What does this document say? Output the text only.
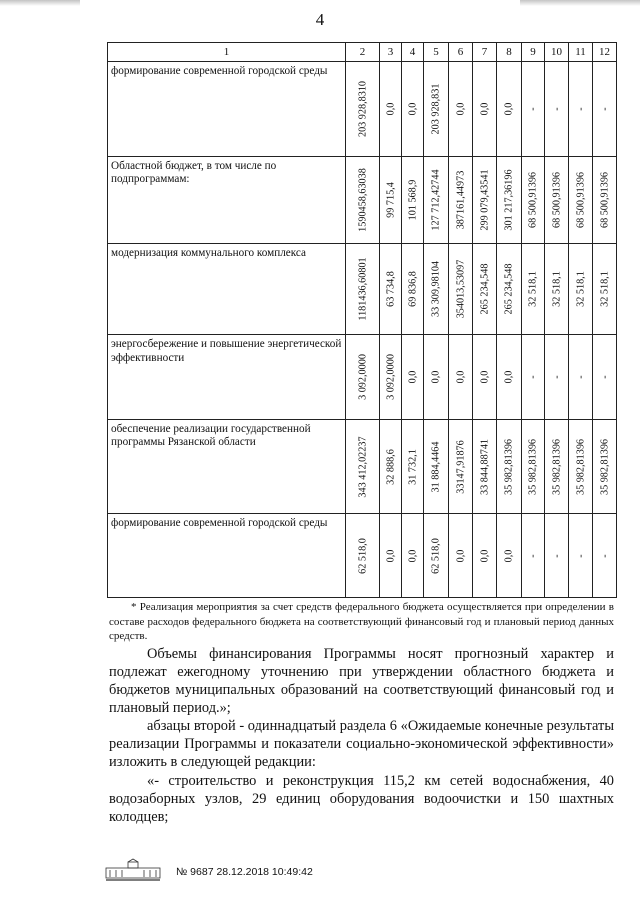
4
1	2	3	4	5	6	7	8	9	10	11	12
формирование современной городской среды	203 928,8310	0,0	0,0	203 928,831	0,0	0,0	0,0	-	-	-	-

Областной бюджет, в том числе по подпрограммам:	1590458,63038	99 715,4	101 568,9	127 712,42744	387161,44973	299 079,43541	301 217,36196	68 500,91396	68 500,91396	68 500,91396	68 500,91396

модернизация коммунального комплекса	1181436,60801	63 734,8	69 836,8	33 309,98104	354013,53097	265 234,548	265 234,548	32 518,1	32 518,1	32 518,1	32 518,1

энергосбережение и повышение энергетической эффективности	3 092,0000	3 092,0000	0,0	0,0	0,0	0,0	0,0	-	-	-	-

обеспечение реализации государственной программы Рязанской области	343 412,02237	32 888,6	31 732,1	31 884,4464	33147,91876	33 844,88741	35 982,81396	35 982,81396	35 982,81396	35 982,81396	35 982,81396

формирование современной городской среды	62 518,0	0,0	0,0	62 518,0	0,0	0,0	0,0	-	-	-	-

* Реализация мероприятия за счет средств федерального бюджета осуществляется при определении в составе расходов федерального бюджета на соответствующий финансовый год и плановый период данных средств.

Объемы финансирования Программы носят прогнозный характер и подлежат ежегодному уточнению при утверждении областного бюджета и бюджетов муниципальных образований на соответствующий финансовый год и плановый период.»;

абзацы второй - одиннадцатый раздела 6 «Ожидаемые конечные результаты реализации Программы и показатели социально-экономической эффективности» изложить в следующей редакции:

«- строительство и реконструкция 115,2 км сетей водоснабжения, 40 водозаборных узлов, 29 единиц оборудования водоочистки и 150 шахтных колодцев;

№ 9687 28.12.2018 10:49:42
